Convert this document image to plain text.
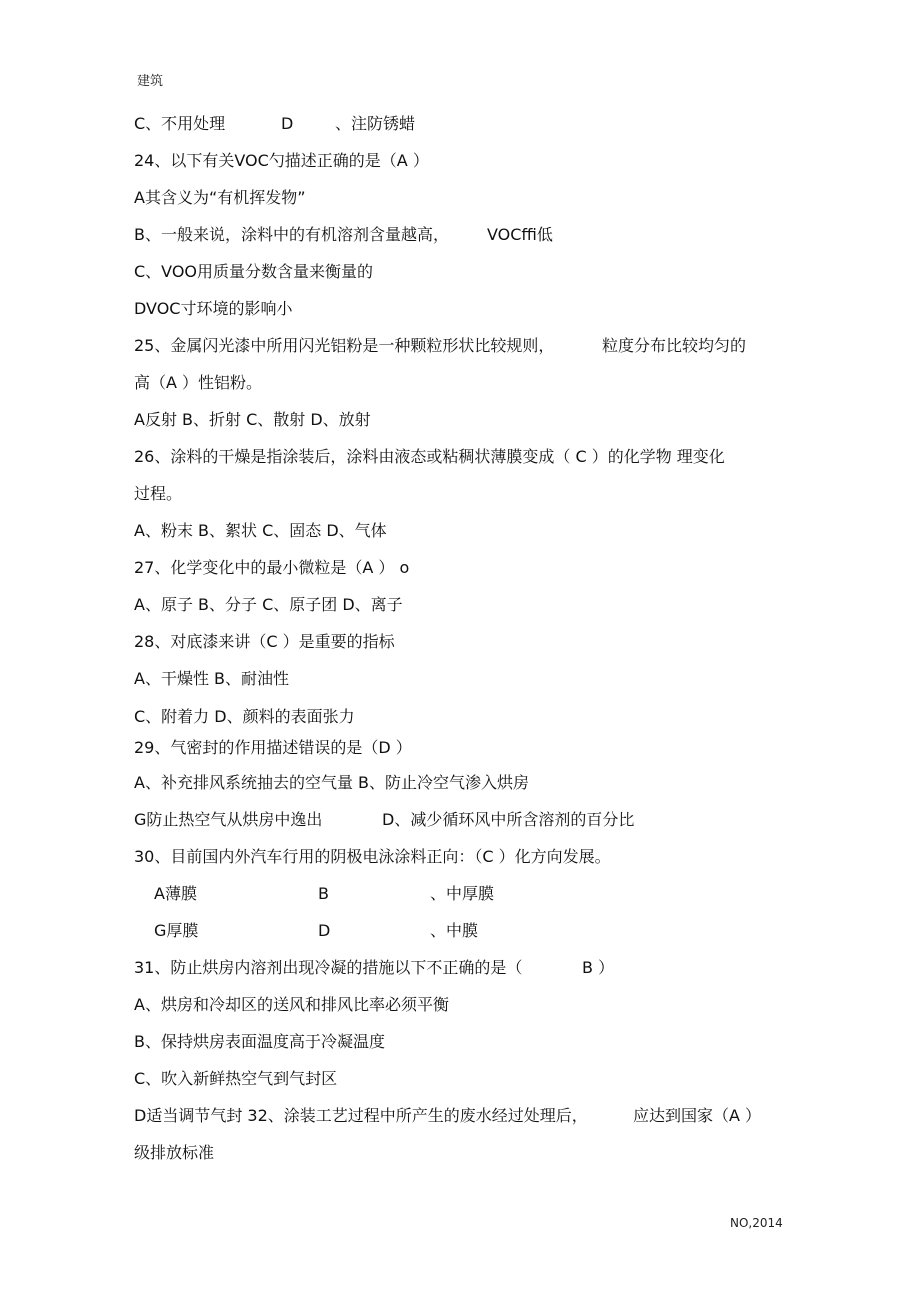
建筑
C、不用处理	D	、注防锈蜡
24、以下有关VOC勺描述正确的是（A ）
A其含义为“有机挥发物”
B、一般来说，涂料中的有机溶剂含量越高， VOCffi低
C、VOO用质量分数含量来衡量的
DVOC寸环境的影响小
25、金属闪光漆中所用闪光铝粉是一种颗粒形状比较规则，	粒度分布比较均匀的
高（A ）性铝粉。
A反射 B、折射 C、散射 D、放射
26、涂料的干燥是指涂装后，涂料由液态或粘稠状薄膜变成（ C ）的化学物 理变化
过程。
A、粉末 B、絮状 C、固态 D、气体
27、化学变化中的最小微粒是（A ） o
A、原子 B、分子 C、原子团 D、离子
28、对底漆来讲（C ）是重要的指标
A、干燥性 B、耐油性
C、附着力 D、颜料的表面张力
29、气密封的作用描述错误的是（D ）
A、补充排风系统抽去的空气量 B、防止冷空气渗入烘房
G防止热空气从烘房中逸出	D、减少循环风中所含溶剂的百分比
30、目前国内外汽车行用的阴极电泳涂料正向：（C ）化方向发展。
A薄膜	B	、中厚膜
G厚膜	D	、中膜
31、防止烘房内溶剂出现冷凝的措施以下不正确的是（	B ）
A、烘房和冷却区的送风和排风比率必须平衡
B、保持烘房表面温度高于冷凝温度
C、吹入新鲜热空气到气封区
D适当调节气封 32、涂装工艺过程中所产生的废水经过处理后，	应达到国家（A ）
级排放标准
NO,2014
